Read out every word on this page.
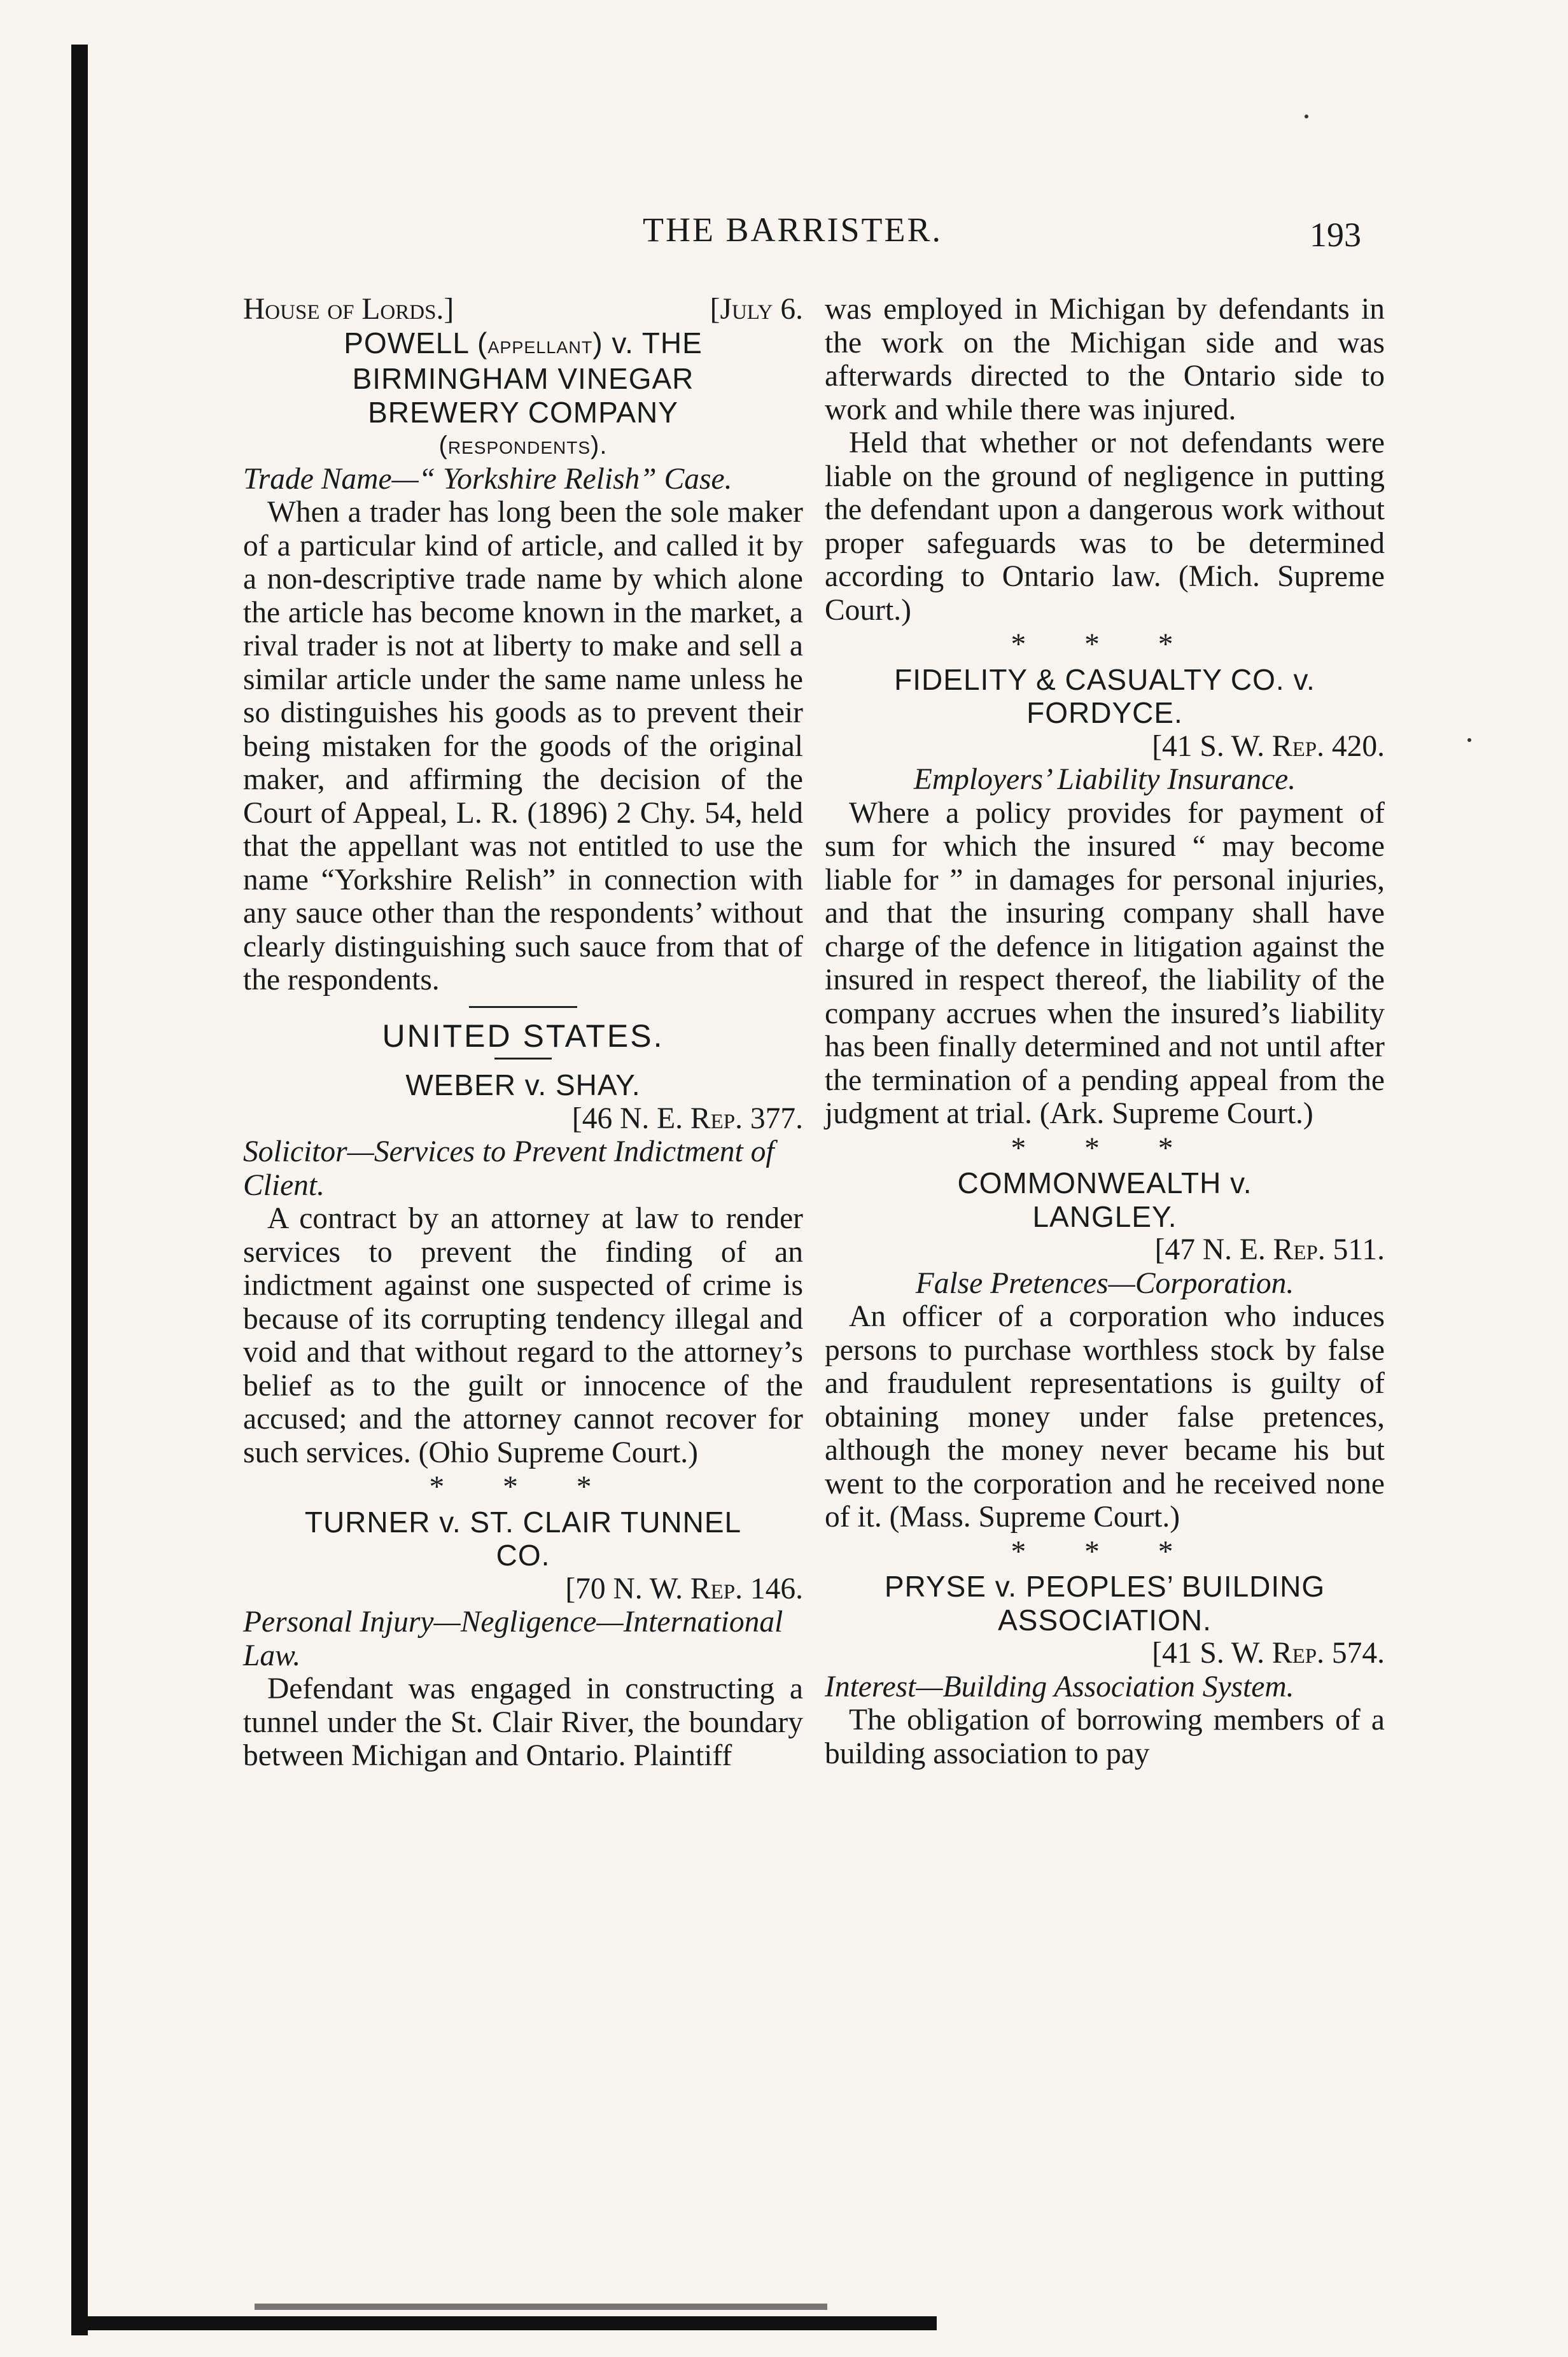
THE BARRISTER.	193
House of Lords.]	[July 6.
POWELL (appellant) v. THE
BIRMINGHAM VINEGAR
BREWERY COMPANY
(respondents).
Trade Name—“ Yorkshire Relish” Case.
When a trader has long been the sole maker of a particular kind of article, and called it by a non-descriptive trade name by which alone the article has become known in the market, a rival trader is not at liberty to make and sell a similar article under the same name unless he so distinguishes his goods as to prevent their being mistaken for the goods of the original maker, and affirming the decision of the Court of Appeal, L. R. (1896) 2 Chy. 54, held that the appellant was not entitled to use the name “Yorkshire Relish” in connection with any sauce other than the respondents’ without clearly distinguishing such sauce from that of the respondents.
UNITED STATES.
WEBER v. SHAY.
[46 N. E. Rep. 377.
Solicitor—Services to Prevent Indictment of Client.
A contract by an attorney at law to render services to prevent the finding of an indictment against one suspected of crime is because of its corrupting tendency illegal and void and that without regard to the attorney’s belief as to the guilt or innocence of the accused; and the attorney cannot recover for such services. (Ohio Supreme Court.)
* * *
TURNER v. ST. CLAIR TUNNEL
CO.
[70 N. W. Rep. 146.
Personal Injury—Negligence—International Law.
Defendant was engaged in constructing a tunnel under the St. Clair River, the boundary between Michigan and Ontario. Plaintiff
was employed in Michigan by defendants in the work on the Michigan side and was afterwards directed to the Ontario side to work and while there was injured.
Held that whether or not defendants were liable on the ground of negligence in putting the defendant upon a dangerous work without proper safeguards was to be determined according to Ontario law. (Mich. Supreme Court.)
* * *
FIDELITY & CASUALTY CO. v.
FORDYCE.
[41 S. W. Rep. 420.
Employers’ Liability Insurance.
Where a policy provides for payment of sum for which the insured “ may become liable for ” in damages for personal injuries, and that the insuring company shall have charge of the defence in litigation against the insured in respect thereof, the liability of the company accrues when the insured’s liability has been finally determined and not until after the termination of a pending appeal from the judgment at trial. (Ark. Supreme Court.)
* * *
COMMONWEALTH v.
LANGLEY.
[47 N. E. Rep. 511.
False Pretences—Corporation.
An officer of a corporation who induces persons to purchase worthless stock by false and fraudulent representations is guilty of obtaining money under false pretences, although the money never became his but went to the corporation and he received none of it. (Mass. Supreme Court.)
* * *
PRYSE v. PEOPLES’ BUILDING
ASSOCIATION.
[41 S. W. Rep. 574.
Interest—Building Association System.
The obligation of borrowing members of a building association to pay
